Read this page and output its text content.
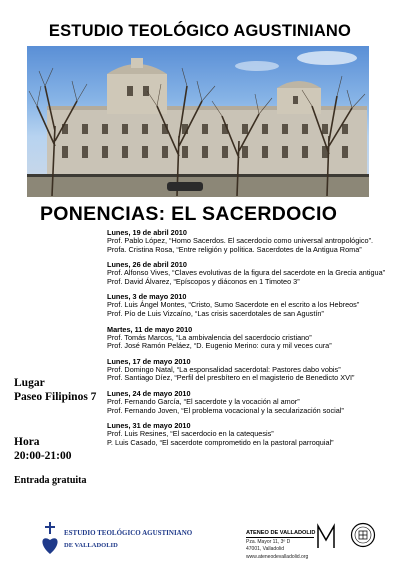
ESTUDIO TEOLÓGICO AGUSTINIANO
PONENCIAS: EL SACERDOCIO
Lugar
Paseo Filipinos 7
Hora
20:00-21:00
Entrada gratuita
Lunes, 19 de abril 2010
Prof. Pablo López, “Homo Sacerdos. El sacerdocio como universal antropológico”.
Profa. Cristina Rosa, “Entre religión y política. Sacerdotes de la Antigua Roma”
Lunes, 26 de abril 2010
Prof. Alfonso Vives, “Claves evolutivas de la figura del sacerdote en la Grecia antigua”
Prof. David Álvarez, “Epíscopos y diáconos en 1 Timoteo 3”
Lunes, 3 de mayo 2010
Prof. Luis Ángel Montes, “Cristo, Sumo Sacerdote en el escrito a los Hebreos”
Prof. Pío de Luis Vizcaíno, “Las crisis sacerdotales de san Agustín”
Martes, 11 de mayo 2010
Prof. Tomás Marcos, “La ambivalencia del sacerdocio cristiano”
Prof. José Ramón Peláez, “D. Eugenio Merino: cura y mil veces cura”
Lunes, 17 de mayo 2010
Prof. Domingo Natal, “La esponsalidad sacerdotal: Pastores dabo vobis”
Prof. Santiago Díez, “Perfil del presbítero en el magisterio de Benedicto XVI”
Lunes, 24 de mayo 2010
Prof. Fernando García, “El sacerdote y la vocación al amor”
Prof. Fernando Joven, “El problema vocacional y la secularización social”
Lunes, 31 de mayo 2010
Prof. Luis Resines, “El sacerdocio en la catequesis”
P. Luis Casado, “El sacerdote comprometido en la pastoral parroquial”
ESTUDIO TEOLÓGICO AGUSTINIANO
DE VALLADOLID
ATENEO DE VALLADOLID
Pza. Mayor 11, 3º D
47001, Valladolid
www.ateneodevalladolid.org
